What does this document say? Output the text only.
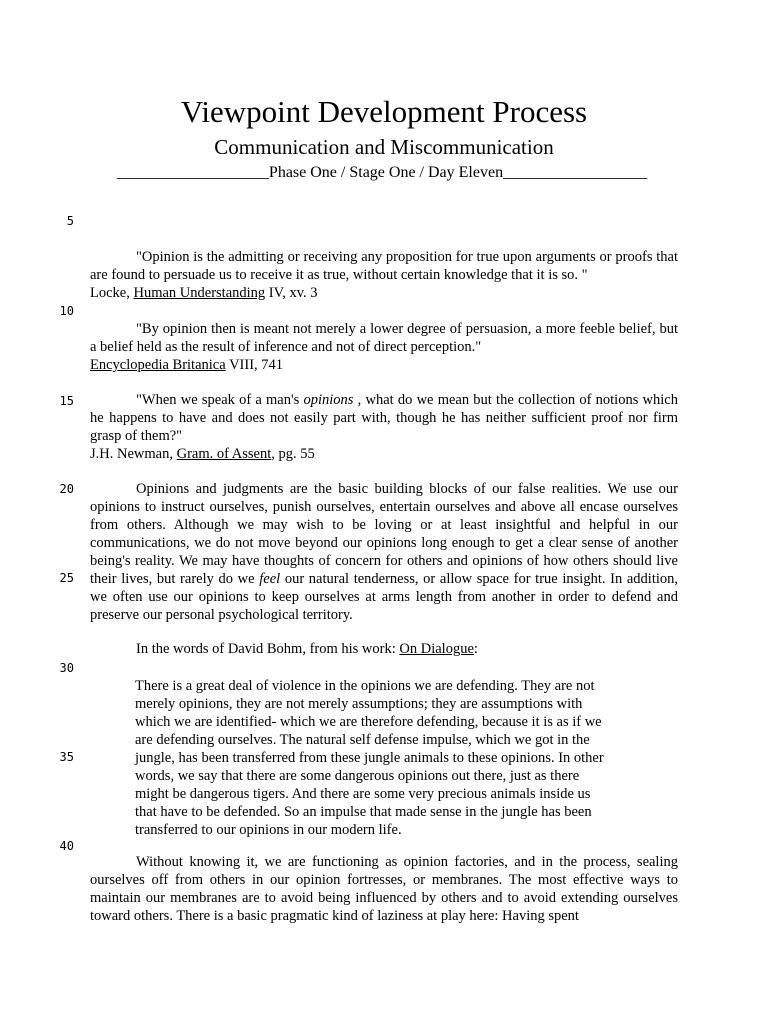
Viewpoint Development Process
Communication and Miscommunication
___________________Phase One / Stage One / Day Eleven__________________
5
10
15
20
25
30
35
40

"Opinion is the admitting or receiving any proposition for true upon arguments or proofs that are found to persuade us to receive it as true, without certain knowledge that it is so. "

Locke, Human Understanding IV, xv. 3

"By opinion then is meant not merely a lower degree of persuasion, a more feeble belief, but a belief held as the result of inference and not of direct perception."

Encyclopedia Britanica VIII, 741

"When we speak of a man's opinions , what do we mean but the collection of notions which he happens to have and does not easily part with, though he has neither sufficient proof nor firm grasp of them?"

J.H. Newman, Gram. of Assent, pg. 55

Opinions and judgments are the basic building blocks of our false realities. We use our opinions to instruct ourselves, punish ourselves, entertain ourselves and above all encase ourselves from others. Although we may wish to be loving or at least insightful and helpful in our communications, we do not move beyond our opinions long enough to get a clear sense of another being's reality. We may have thoughts of concern for others and opinions of how others should live their lives, but rarely do we feel our natural tenderness, or allow space for true insight. In addition, we often use our opinions to keep ourselves at arms length from another in order to defend and preserve our personal psychological territory.

In the words of David Bohm, from his work: On Dialogue:

There is a great deal of violence in the opinions we are defending. They are not
merely opinions, they are not merely assumptions; they are assumptions with
which we are identified- which we are therefore defending, because it is as if we
are defending ourselves. The natural self defense impulse, which we got in the
jungle, has been transferred from these jungle animals to these opinions. In other
words, we say that there are some dangerous opinions out there, just as there
might be dangerous tigers. And there are some very precious animals inside us
that have to be defended. So an impulse that made sense in the jungle has been
transferred to our opinions in our modern life.

Without knowing it, we are functioning as opinion factories, and in the process, sealing ourselves off from others in our opinion fortresses, or membranes. The most effective ways to maintain our membranes are to avoid being influenced by others and to avoid extending ourselves toward others. There is a basic pragmatic kind of laziness at play here: Having spent
